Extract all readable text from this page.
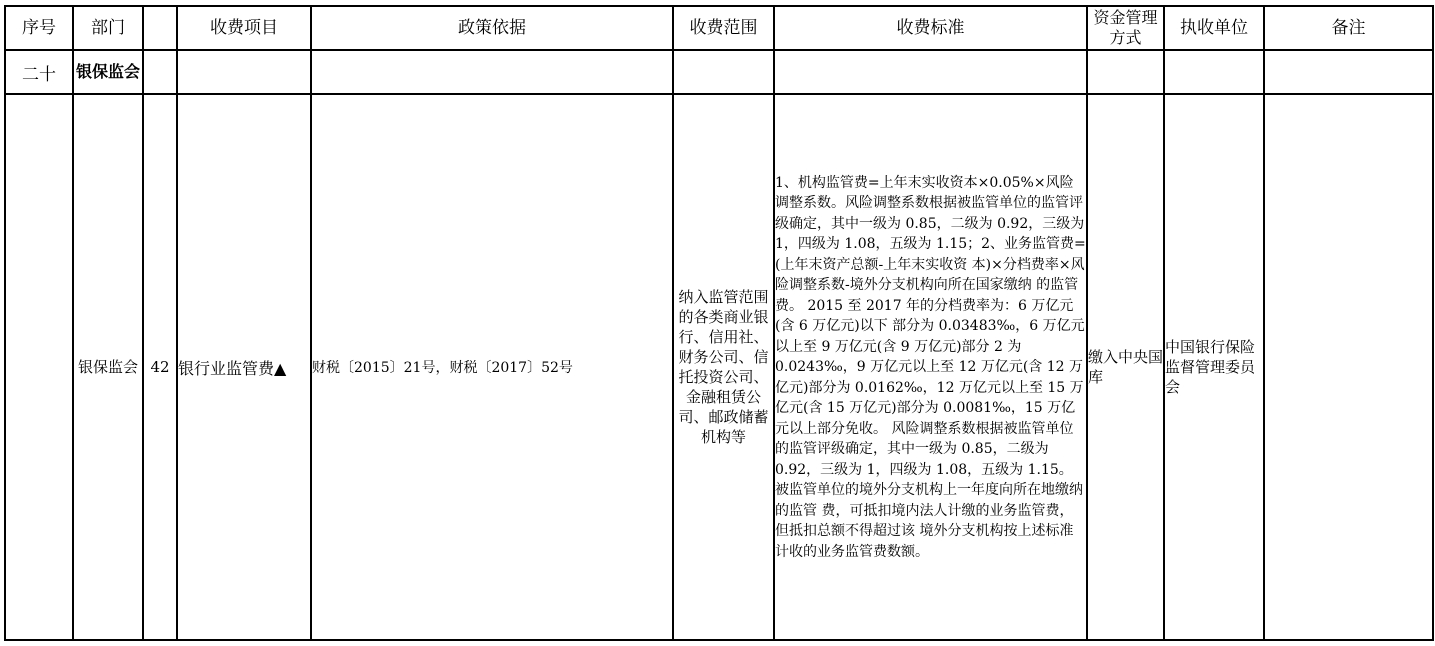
序号	部门		收费项目	政策依据	收费范围	收费标准	资金管理方式	执收单位	备注
二十	银保监会								
	银保监会	42	银行业监管费▲	财税〔2015〕21号，财税〔2017〕52号	纳入监管范围的各类商业银行、信用社、财务公司、信托投资公司、金融租赁公司、邮政储蓄机构等	1、机构监管费=上年末实收资本×0.05%×风险调整系数。风险调整系数根据被监管单位的监管评级确定，其中一级为 0.85，二级为 0.92，三级为 1，四级为 1.08，五级为 1.15；2、业务监管费=(上年末资产总额-上年末实收资 本)×分档费率×风险调整系数-境外分支机构向所在国家缴纳 的监管费。 2015 至 2017 年的分档费率为：6 万亿元(含 6 万亿元)以下 部分为 0.03483‰，6 万亿元以上至 9 万亿元(含 9 万亿元)部分 2 为 0.0243‰，9 万亿元以上至 12 万亿元(含 12 万亿元)部分为 0.0162‰，12 万亿元以上至 15 万亿元(含 15 万亿元)部分为 0.0081‰，15 万亿元以上部分免收。 风险调整系数根据被监管单位的监管评级确定，其中一级为 0.85，二级为 0.92，三级为 1，四级为 1.08，五级为 1.15。 被监管单位的境外分支机构上一年度向所在地缴纳的监管 费，可抵扣境内法人计缴的业务监管费，但抵扣总额不得超过该 境外分支机构按上述标准计收的业务监管费数额。	缴入中央国库	中国银行保险监督管理委员会	
